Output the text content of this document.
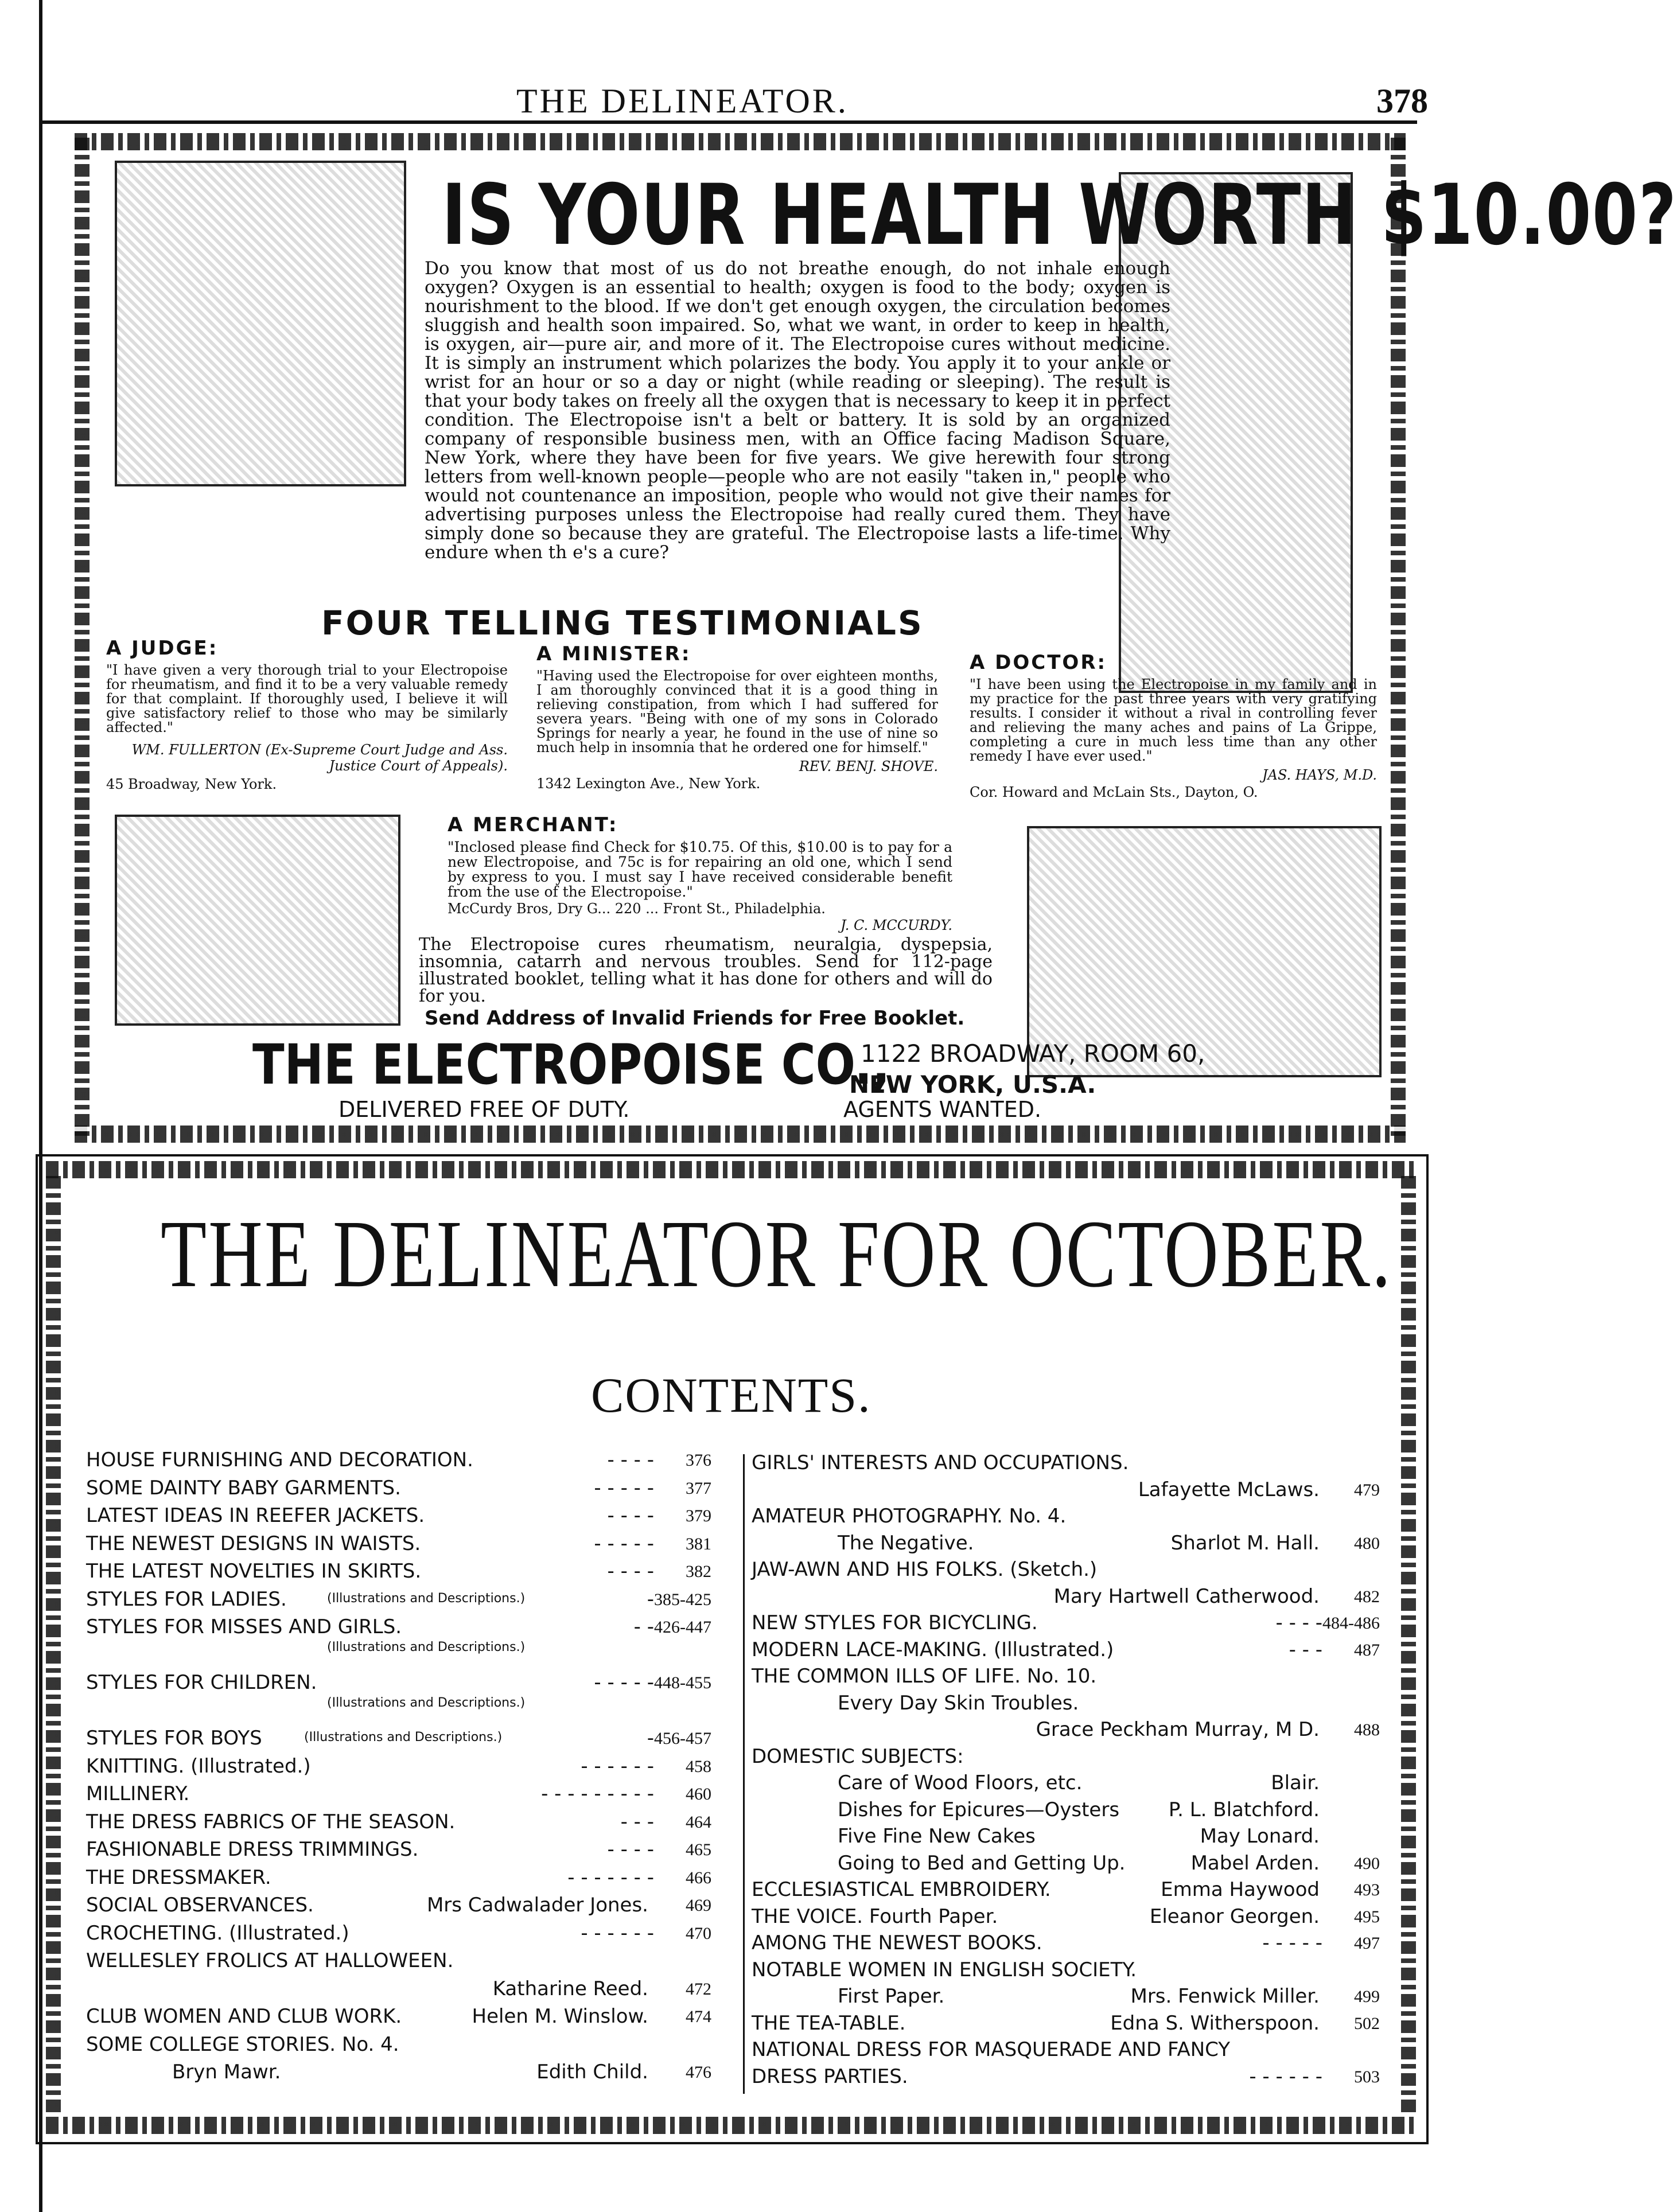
THE DELINEATOR.	378
IS YOUR HEALTH WORTH $10.00?
Do you know that most of us do not breathe enough, do not inhale enough oxygen? Oxygen is an essential to health; oxygen is food to the body; oxygen is nourishment to the blood. If we don't get enough oxygen, the circulation becomes sluggish and health soon impaired. So, what we want, in order to keep in health, is oxygen, air—pure air, and more of it. The Electropoise cures without medicine. It is simply an instrument which polarizes the body. You apply it to your ankle or wrist for an hour or so a day or night (while reading or sleeping). The result is that your body takes on freely all the oxygen that is necessary to keep it in perfect condition. The Electropoise isn't a belt or battery. It is sold by an organized company of responsible business men, with an Office facing Madison Square, New York, where they have been for five years. We give herewith four strong letters from well-known people—people who are not easily "taken in," people who would not countenance an imposition, people who would not give their names for advertising purposes unless the Electropoise had really cured them. They have simply done so because they are grateful. The Electropoise lasts a life-time. Why endure when th e's a cure?
FOUR TELLING TESTIMONIALS
A JUDGE:
"I have given a very thorough trial to your Electropoise for rheumatism, and find it to be a very valuable remedy for that complaint. If thoroughly used, I believe it will give satisfactory relief to those who may be similarly affected."
WM. FULLERTON (Ex-Supreme Court Judge and Ass. Justice Court of Appeals).
45 Broadway, New York.
A MINISTER:
"Having used the Electropoise for over eighteen months, I am thoroughly convinced that it is a good thing in relieving constipation, from which I had suffered for severa years. "Being with one of my sons in Colorado Springs for nearly a year, he found in the use of nine so much help in insomnia that he ordered one for himself."
REV. BENJ. SHOVE.
1342 Lexington Ave., New York.
A DOCTOR:
"I have been using the Electropoise in my family and in my practice for the past three years with very gratifying results. I consider it without a rival in controlling fever and relieving the many aches and pains of La Grippe, completing a cure in much less time than any other remedy I have ever used."
JAS. HAYS, M.D.
Cor. Howard and McLain Sts., Dayton, O.
A MERCHANT:
"Inclosed please find Check for $10.75. Of this, $10.00 is to pay for a new Electropoise, and 75c is for repairing an old one, which I send by express to you. I must say I have received considerable benefit from the use of the Electropoise."
McCurdy Bros, Dry G... 220 ... Front St., Philadelphia.
J. C. MCCURDY.
The Electropoise cures rheumatism, neuralgia, dyspepsia, insomnia, catarrh and nervous troubles. Send for 112-page illustrated booklet, telling what it has done for others and will do for you.
Send Address of Invalid Friends for Free Booklet.
THE ELECTROPOISE CO.,
1122 BROADWAY, ROOM 60,
NEW YORK, U.S.A.
DELIVERED FREE OF DUTY.	AGENTS WANTED.
THE DELINEATOR FOR OCTOBER.
CONTENTS.
HOUSE FURNISHING AND DECORATION.	- - - - 376
SOME DAINTY BABY GARMENTS.	- - - - - 377
LATEST IDEAS IN REEFER JACKETS.	- - - - 379
THE NEWEST DESIGNS IN WAISTS.	- - - - - 381
THE LATEST NOVELTIES IN SKIRTS.	- - - - 382
STYLES FOR LADIES.	(Illustrations and Descriptions.)	- 385-425
STYLES FOR MISSES AND GIRLS.	- - 426-447
(Illustrations and Descriptions.)
STYLES FOR CHILDREN.	- - - - - 448-455
(Illustrations and Descriptions.)
STYLES FOR BOYS	(Illustrations and Descriptions.)	- 456-457
KNITTING. (Illustrated.)	- - - - - - 458
MILLINERY.	- - - - - - - - - 460
THE DRESS FABRICS OF THE SEASON.	- - - 464
FASHIONABLE DRESS TRIMMINGS.	- - - - 465
THE DRESSMAKER.	- - - - - - - 466
SOCIAL OBSERVANCES.	Mrs Cadwalader Jones. 469
CROCHETING. (Illustrated.)	- - - - - - 470
WELLESLEY FROLICS AT HALLOWEEN.
Katharine Reed. 472
CLUB WOMEN AND CLUB WORK.	Helen M. Winslow. 474
SOME COLLEGE STORIES. No. 4.
Bryn Mawr.	Edith Child. 476
GIRLS' INTERESTS AND OCCUPATIONS.
Lafayette McLaws. 479
AMATEUR PHOTOGRAPHY. No. 4.
The Negative.	Sharlot M. Hall. 480
JAW-AWN AND HIS FOLKS. (Sketch.)
Mary Hartwell Catherwood. 482
NEW STYLES FOR BICYCLING.	- - - - 484-486
MODERN LACE-MAKING. (Illustrated.)	- - - 487
THE COMMON ILLS OF LIFE. No. 10.
Every Day Skin Troubles.
Grace Peckham Murray, M D. 488
DOMESTIC SUBJECTS:
Care of Wood Floors, etc.	Blair.
Dishes for Epicures—Oysters	P. L. Blatchford.
Five Fine New Cakes	May Lonard.
Going to Bed and Getting Up.	Mabel Arden. 490
ECCLESIASTICAL EMBROIDERY.	Emma Haywood 493
THE VOICE. Fourth Paper.	Eleanor Georgen. 495
AMONG THE NEWEST BOOKS.	- - - - - 497
NOTABLE WOMEN IN ENGLISH SOCIETY.
First Paper.	Mrs. Fenwick Miller. 499
THE TEA-TABLE.	Edna S. Witherspoon. 502
NATIONAL DRESS FOR MASQUERADE AND FANCY
DRESS PARTIES.	- - - - - - 503
